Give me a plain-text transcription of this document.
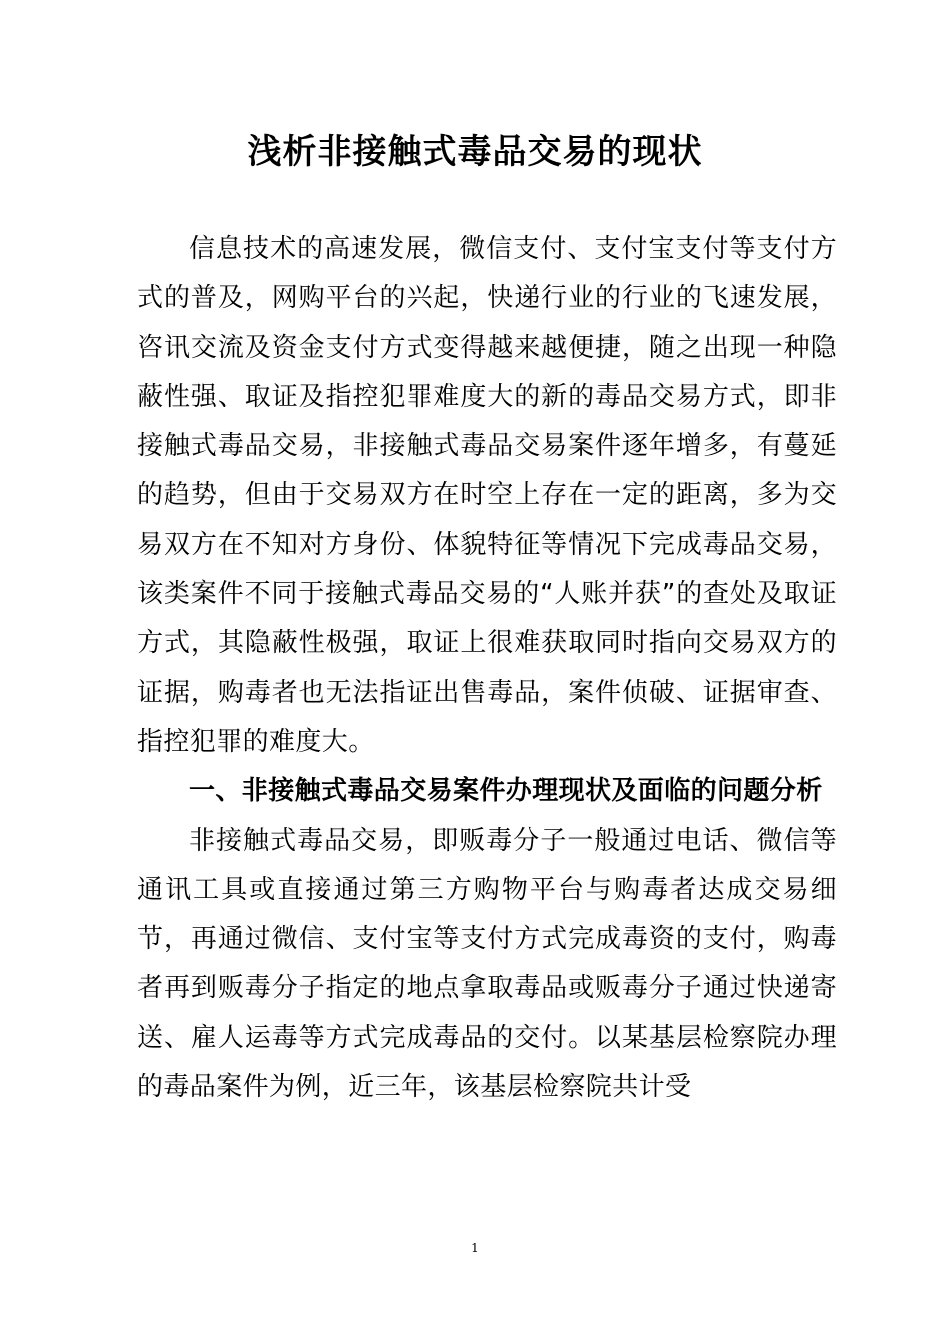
浅析非接触式毒品交易的现状

信息技术的高速发展，微信支付、支付宝支付等支付方式的普及，网购平台的兴起，快递行业的行业的飞速发展，咨讯交流及资金支付方式变得越来越便捷，随之出现一种隐蔽性强、取证及指控犯罪难度大的新的毒品交易方式，即非接触式毒品交易，非接触式毒品交易案件逐年增多，有蔓延的趋势，但由于交易双方在时空上存在一定的距离，多为交易双方在不知对方身份、体貌特征等情况下完成毒品交易，该类案件不同于接触式毒品交易的“人账并获”的查处及取证方式，其隐蔽性极强，取证上很难获取同时指向交易双方的证据，购毒者也无法指证出售毒品，案件侦破、证据审查、指控犯罪的难度大。

一、非接触式毒品交易案件办理现状及面临的问题分析

非接触式毒品交易，即贩毒分子一般通过电话、微信等通讯工具或直接通过第三方购物平台与购毒者达成交易细节，再通过微信、支付宝等支付方式完成毒资的支付，购毒者再到贩毒分子指定的地点拿取毒品或贩毒分子通过快递寄送、雇人运毒等方式完成毒品的交付。以某基层检察院办理的毒品案件为例，近三年，该基层检察院共计受

1
